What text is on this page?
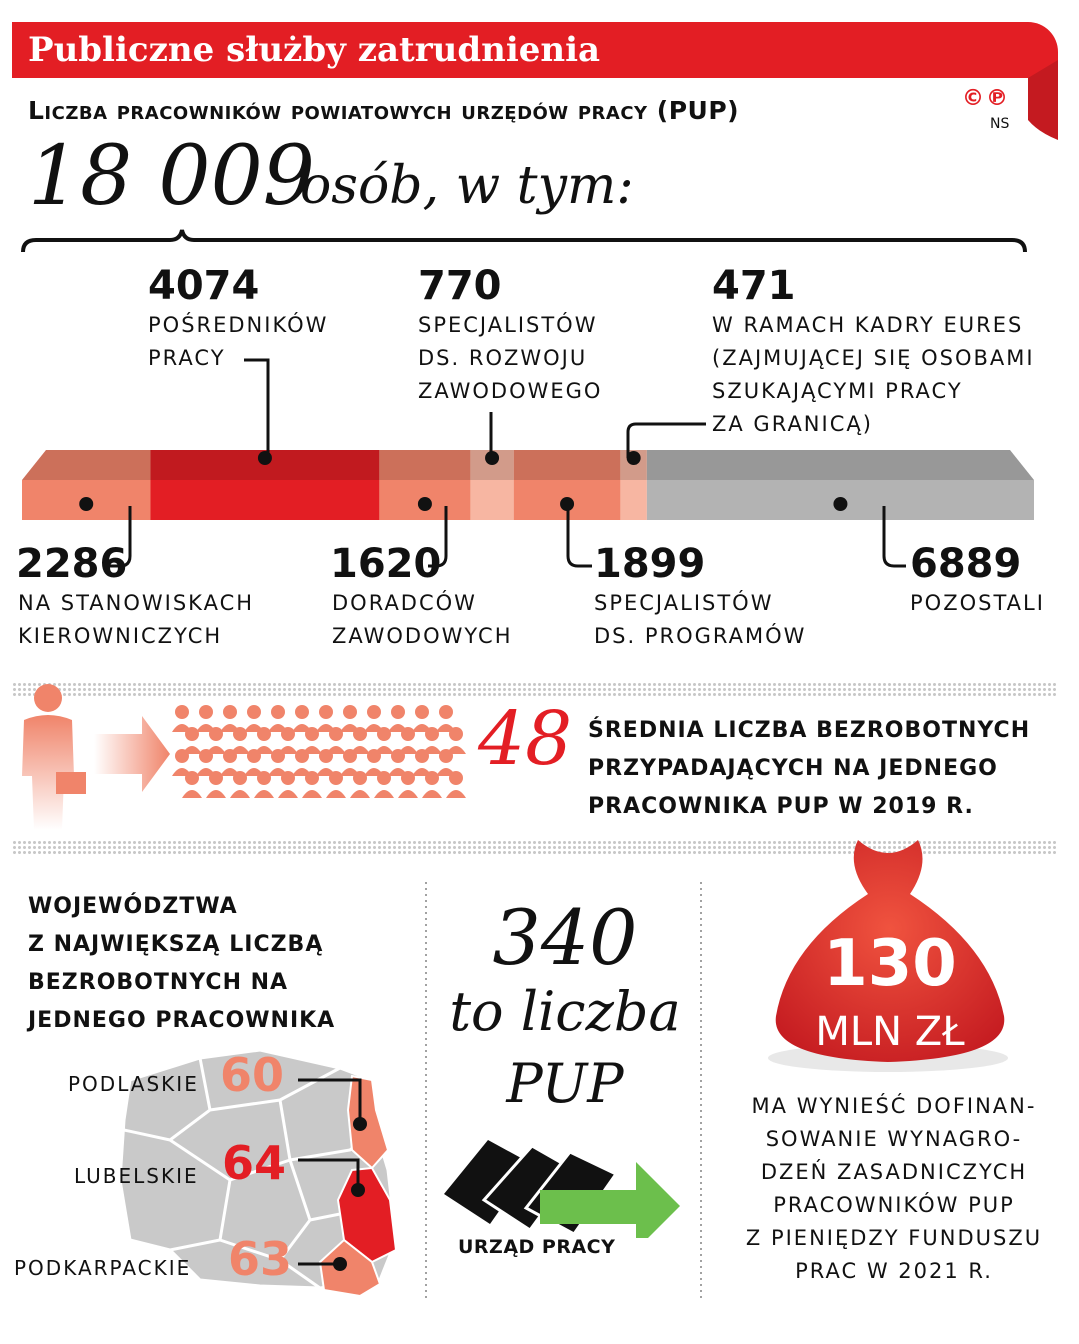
Publiczne służby zatrudnienia
Liczba pracowników powiatowych urzędów pracy (PUP)	©℗
NS
18 009
osób, w tym:
4074
POŚREDNIKÓW
PRACY
770
SPECJALISTÓW
DS. ROZWOJU
ZAWODOWEGO
471
W RAMACH KADRY EURES
(ZAJMUJĄCEJ SIĘ OSOBAMI
SZUKAJĄCYMI PRACY
ZA GRANICĄ)
2286
NA STANOWISKACH
KIEROWNICZYCH
1620
DORADCÓW
ZAWODOWYCH
1899
SPECJALISTÓW
DS. PROGRAMÓW
6889
POZOSTALI
48 ŚREDNIA LICZBA BEZROBOTNYCH
PRZYPADAJĄCYCH NA JEDNEGO
PRACOWNIKA PUP W 2019 R.
WOJEWÓDZTWA
Z NAJWIĘKSZĄ LICZBĄ
BEZROBOTNYCH NA
JEDNEGO PRACOWNIKA
PODLASKIE 60
LUBELSKIE 64
PODKARPACKIE 63
340
to liczba
PUP
URZĄD PRACY
130
MLN ZŁ
MA WYNIEŚĆ DOFINAN-
SOWANIE WYNAGRO-
DZEŃ ZASADNICZYCH
PRACOWNIKÓW PUP
Z PIENIĘDZY FUNDUSZU
PRAC W 2021 R.
